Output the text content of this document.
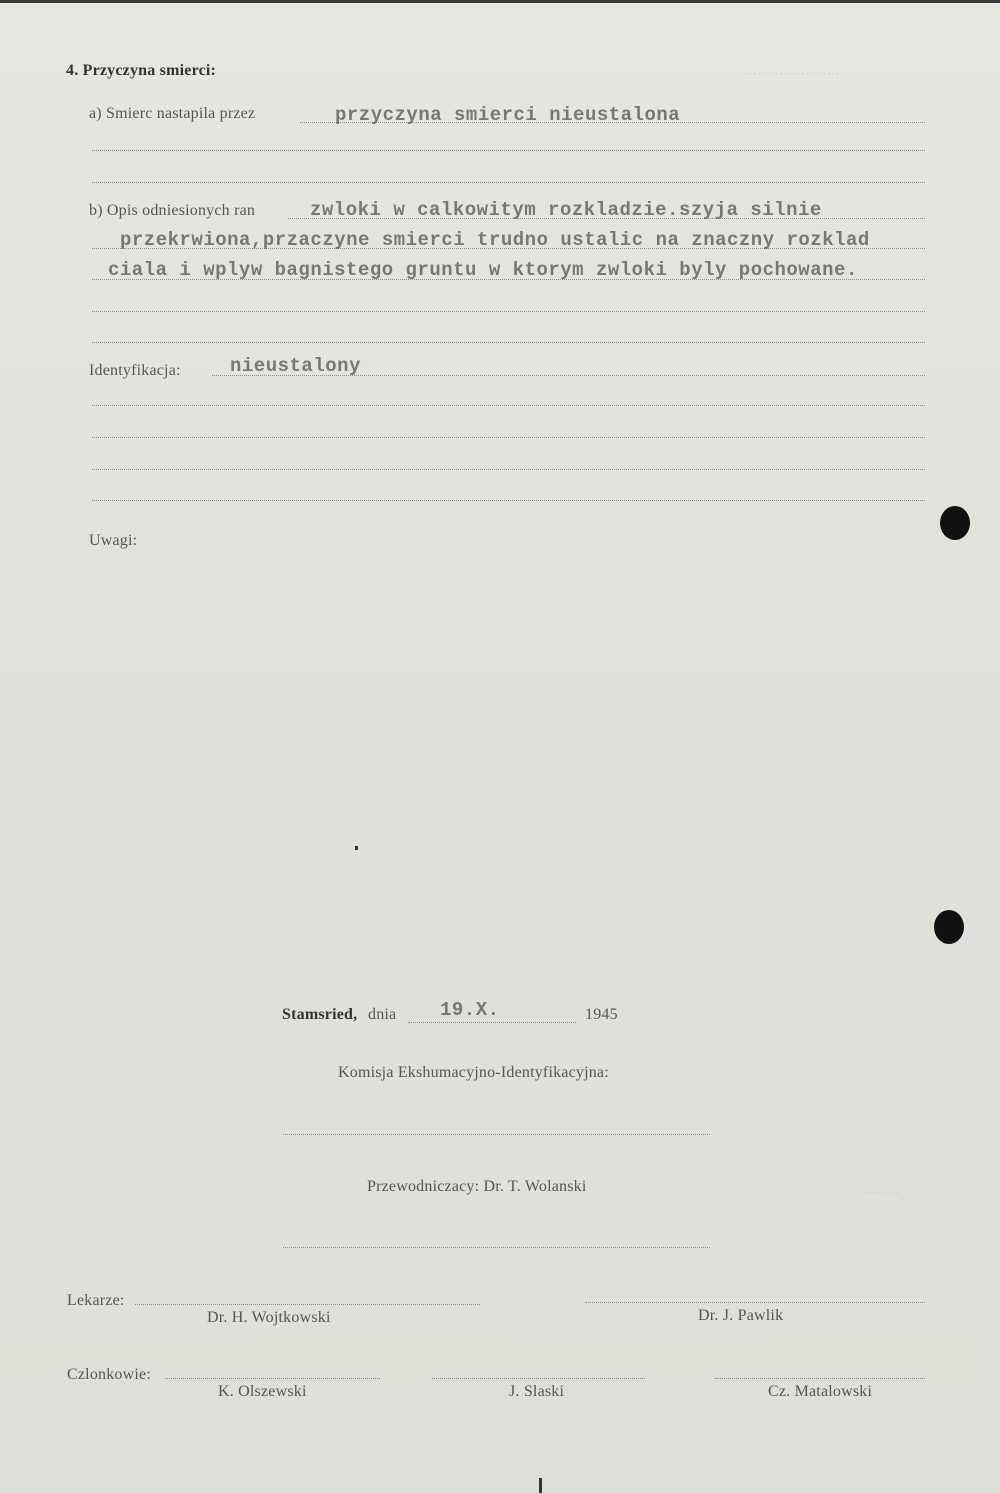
·······················
·········
4. Przyczyna smierci:
a) Smierc nastapila przez	przyczyna smierci nieustalona
b) Opis odniesionych ran	zwloki w calkowitym rozkladzie.szyja silnie
przekrwiona,przaczyne smierci trudno ustalic na znaczny rozklad
ciala i wplyw bagnistego gruntu w ktorym zwloki byly pochowane.
Identyfikacja:	nieustalony
Uwagi:
Stamsried, dnia 19.X.	1945
Komisja Ekshumacyjno-Identyfikacyjna:
Przewodniczacy: Dr. T. Wolanski
Lekarze:
Dr. H. Wojtkowski	Dr. J. Pawlik
Czlonkowie:
K. Olszewski	J. Slaski	Cz. Matalowski
